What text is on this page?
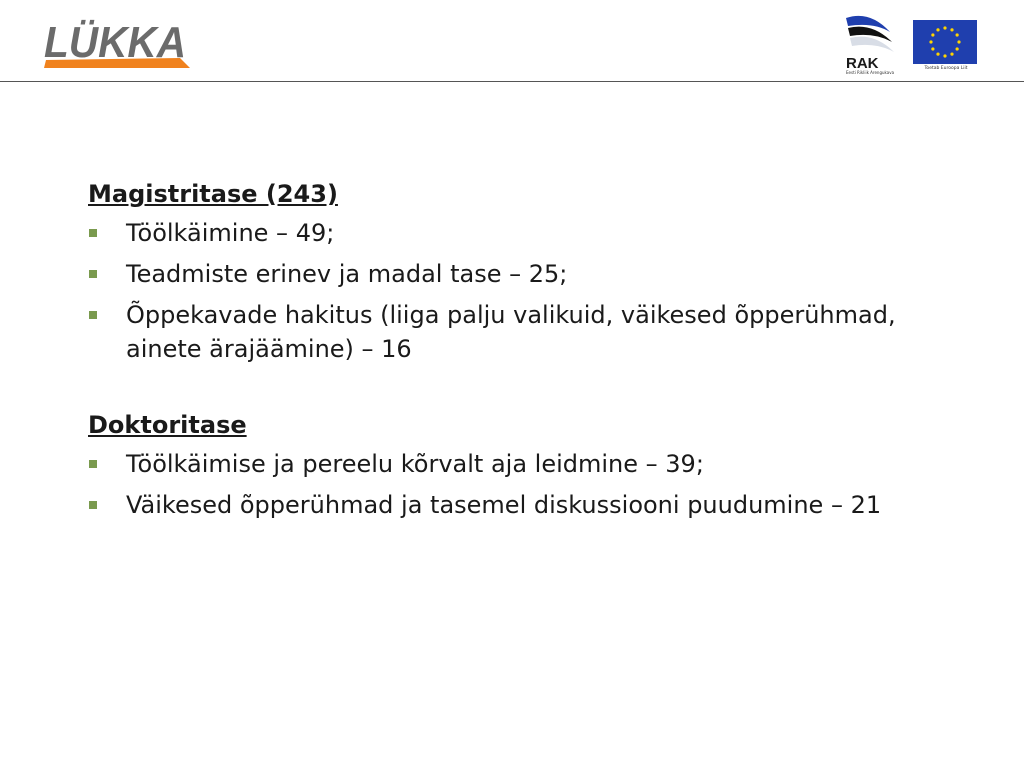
LÜKKA	RAK
Eesti Rikliik Arengukava
Toetab Euroopa Liit
Magistritase (243)
Töölkäimine – 49;
Teadmiste erinev ja madal tase – 25;
Õppekavade hakitus (liiga palju valikuid, väikesed õpperühmad, ainete ärajäämine) – 16
Doktoritase
Töölkäimise ja pereelu kõrvalt aja leidmine – 39;
Väikesed õpperühmad ja tasemel diskussiooni puudumine – 21
